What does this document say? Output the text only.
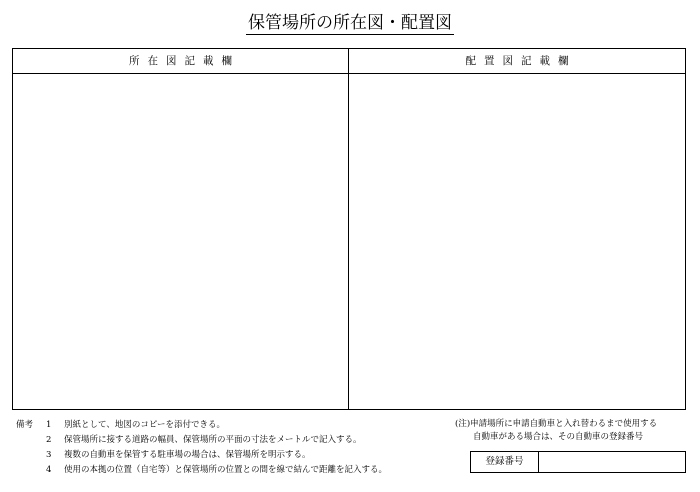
保管場所の所在図・配置図
所在図記載欄	配置図記載欄
備考	1	別紙として、地図のコピーを添付できる。
2	保管場所に接する道路の幅員、保管場所の平面の寸法をメートルで記入する。
3	複数の自動車を保管する駐車場の場合は、保管場所を明示する。
4	使用の本拠の位置（自宅等）と保管場所の位置との間を線で結んで距離を記入する。
(注)申請場所に申請自動車と入れ替わるまで使用する
自動車がある場合は、その自動車の登録番号
登録番号
